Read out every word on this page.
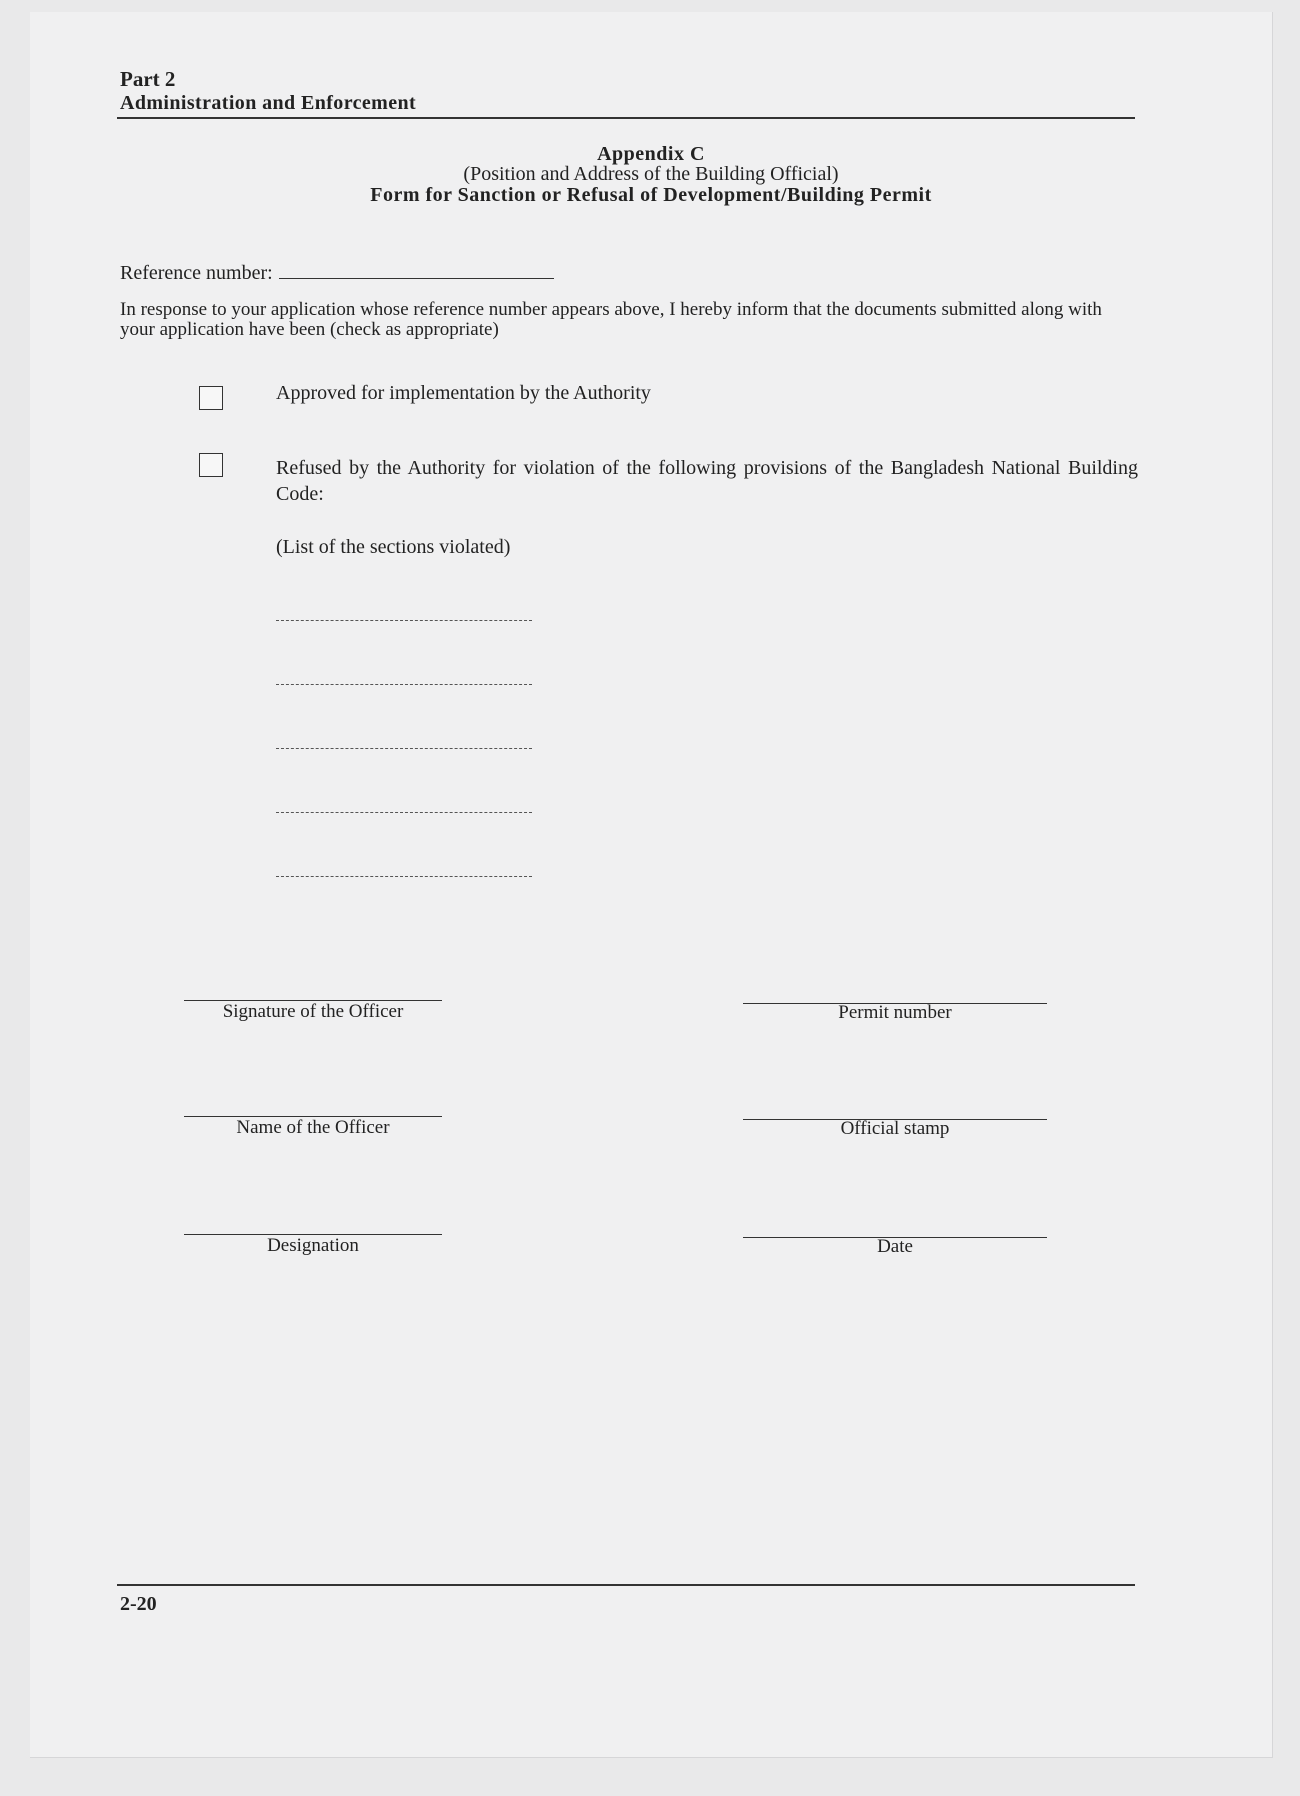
Part 2
Administration and Enforcement
Appendix C
(Position and Address of the Building Official)
Form for Sanction or Refusal of Development/Building Permit
Reference number:
In response to your application whose reference number appears above, I hereby inform that the documents submitted along with your application have been (check as appropriate)
Approved for implementation by the Authority
Refused by the Authority for violation of the following provisions of the Bangladesh National Building Code:
(List of the sections violated)
Signature of the Officer
Name of the Officer
Designation
Permit number
Official stamp
Date
2-20
